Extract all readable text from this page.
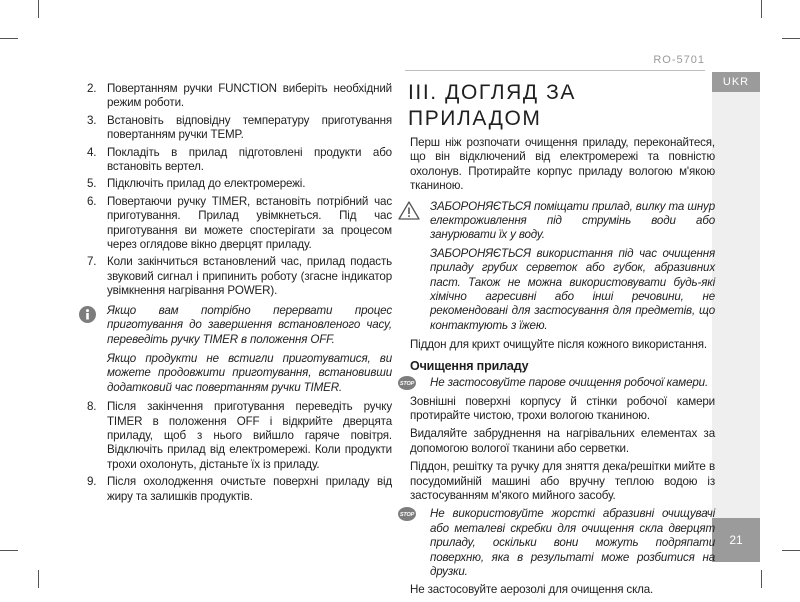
RO-5701
UKR
21
2. Повертанням ручки FUNCTION виберіть необхідний режим роботи.
3. Встановіть відповідну температуру приготування повертанням ручки TEMP.
4. Покладіть в прилад підготовлені продукти або встановіть вертел.
5. Підключіть прилад до електромережі.
6. Повертаючи ручку TIMER, встановіть потрібний час приготування. Прилад увімкнеться. Під час приготування ви можете спостерігати за процесом через оглядове вікно дверцят приладу.
7. Коли закінчиться встановлений час, прилад подасть звуковий сигнал і припинить роботу (згасне індикатор увімкнення нагрівання POWER).
Якщо вам потрібно перервати процес приготування до завершення встановленого часу, переведіть ручку TIMER в положення OFF.
Якщо продукти не встигли приготуватися, ви можете продовжити приготування, встановивши додатковий час повертанням ручки TIMER.
8. Після закінчення приготування переведіть ручку TIMER в положення OFF і відкрийте дверцята приладу, щоб з нього вийшло гаряче повітря. Відключіть прилад від електромережі. Коли продукти трохи охолонуть, дістаньте їх із приладу.
9. Після охолодження очистьте поверхні приладу від жиру та залишків продуктів.
III. ДОГЛЯД ЗА ПРИЛАДОМ
Перш ніж розпочати очищення приладу, переконайтеся, що він відключений від електромережі та повністю охолонув. Протирайте корпус приладу вологою м'якою тканиною.
ЗАБОРОНЯЄТЬСЯ поміщати прилад, вилку та шнур електроживлення під струмінь води або занурювати їх у воду.
ЗАБОРОНЯЄТЬСЯ використання під час очищення приладу грубих серветок або губок, абразивних паст. Також не можна використовувати будь-які хімічно агресивні або інші речовини, не рекомендовані для застосування для предметів, що контактують з їжею.
Піддон для крихт очищуйте після кожного використання.
Очищення приладу
STOP Не застосовуйте парове очищення робочої камери.
Зовнішні поверхні корпусу й стінки робочої камери протирайте чистою, трохи вологою тканиною.
Видаляйте забруднення на нагрівальних елементах за допомогою вологої тканини або серветки.
Піддон, решітку та ручку для зняття дека/решітки мийте в посудомийній машині або вручну теплою водою із застосуванням м'якого мийного засобу.
STOP Не використовуйте жорсткі абразивні очищувачі або металеві скребки для очищення скла дверцят приладу, оскільки вони можуть подряпати поверхню, яка в результаті може розбитися на друзки.
Не застосовуйте аерозолі для очищення скла.
